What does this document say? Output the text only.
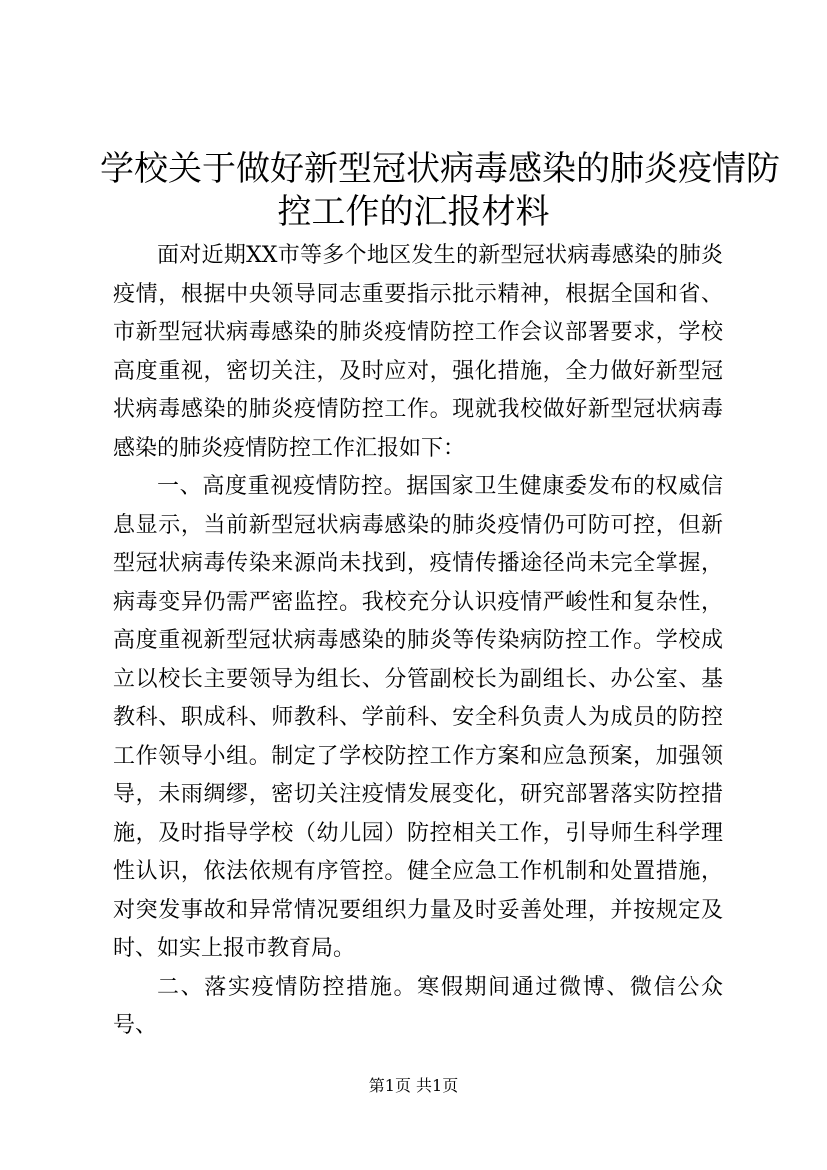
学校关于做好新型冠状病毒感染的肺炎疫情防
控工作的汇报材料

面对近期XX市等多个地区发生的新型冠状病毒感染的肺炎疫情，根据中央领导同志重要指示批示精神，根据全国和省、市新型冠状病毒感染的肺炎疫情防控工作会议部署要求，学校高度重视，密切关注，及时应对，强化措施，全力做好新型冠状病毒感染的肺炎疫情防控工作。现就我校做好新型冠状病毒感染的肺炎疫情防控工作汇报如下：

一、高度重视疫情防控。据国家卫生健康委发布的权威信息显示，当前新型冠状病毒感染的肺炎疫情仍可防可控，但新型冠状病毒传染来源尚未找到，疫情传播途径尚未完全掌握，病毒变异仍需严密监控。我校充分认识疫情严峻性和复杂性，高度重视新型冠状病毒感染的肺炎等传染病防控工作。学校成立以校长主要领导为组长、分管副校长为副组长、办公室、基教科、职成科、师教科、学前科、安全科负责人为成员的防控工作领导小组。制定了学校防控工作方案和应急预案，加强领导，未雨绸缪，密切关注疫情发展变化，研究部署落实防控措施，及时指导学校（幼儿园）防控相关工作，引导师生科学理性认识，依法依规有序管控。健全应急工作机制和处置措施，对突发事故和异常情况要组织力量及时妥善处理，并按规定及时、如实上报市教育局。

二、落实疫情防控措施。寒假期间通过微博、微信公众号、

第1页 共1页
